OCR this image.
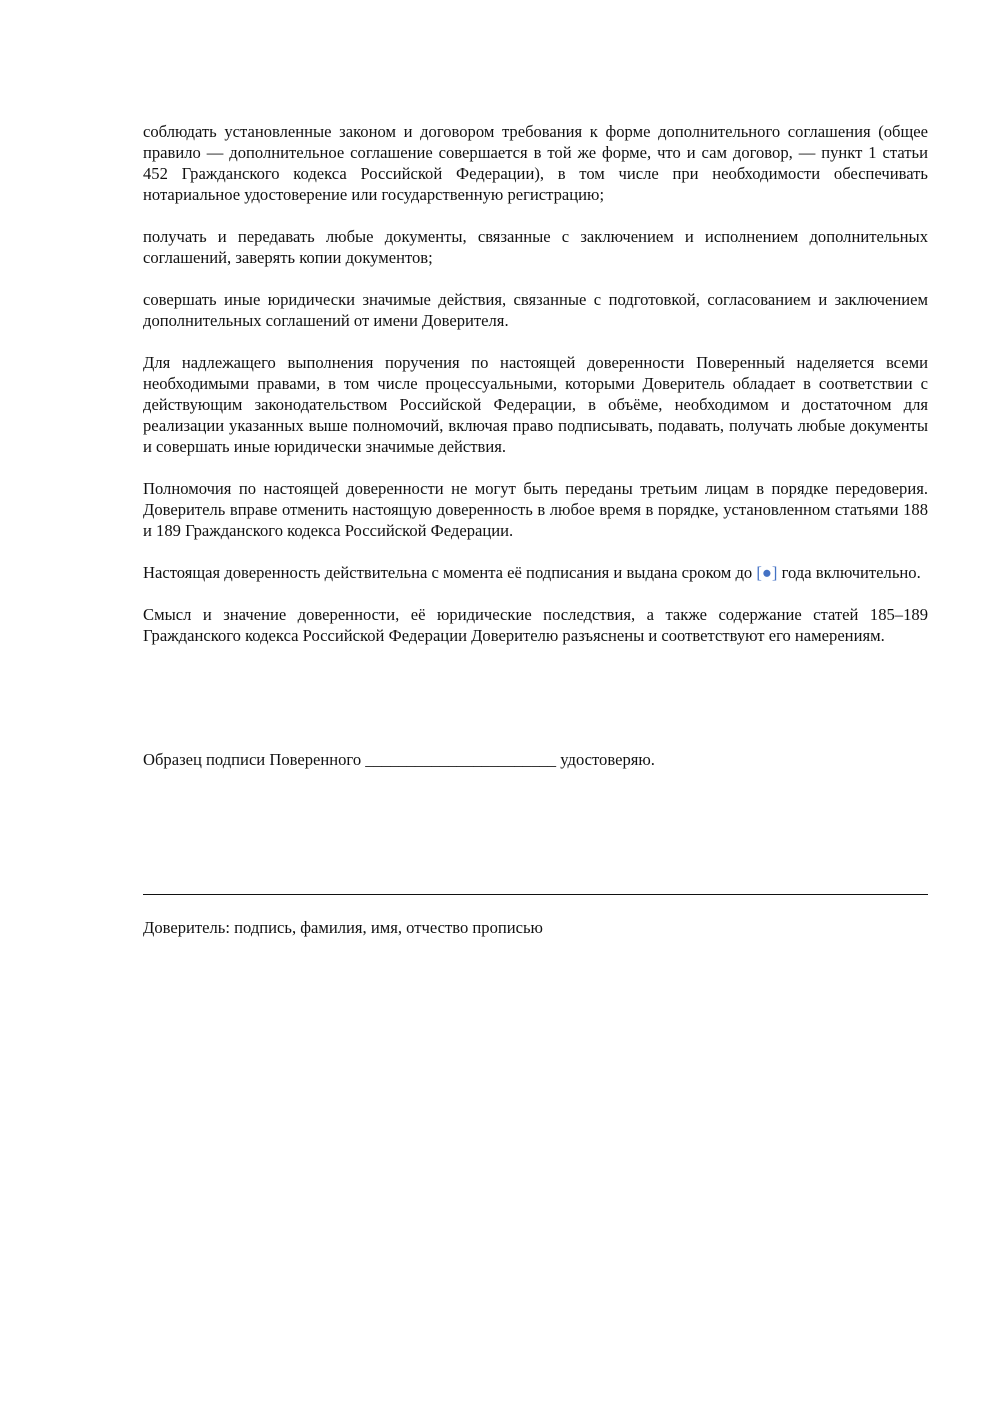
соблюдать установленные законом и договором требования к форме дополнительного соглашения (общее правило — дополнительное соглашение совершается в той же форме, что и сам договор, — пункт 1 статьи 452 Гражданского кодекса Российской Федерации), в том числе при необходимости обеспечивать нотариальное удостоверение или государственную регистрацию;

получать и передавать любые документы, связанные с заключением и исполнением дополнительных соглашений, заверять копии документов;

совершать иные юридически значимые действия, связанные с подготовкой, согласованием и заключением дополнительных соглашений от имени Доверителя.

Для надлежащего выполнения поручения по настоящей доверенности Поверенный наделяется всеми необходимыми правами, в том числе процессуальными, которыми Доверитель обладает в соответствии с действующим законодательством Российской Федерации, в объёме, необходимом и достаточном для реализации указанных выше полномочий, включая право подписывать, подавать, получать любые документы и совершать иные юридически значимые действия.

Полномочия по настоящей доверенности не могут быть переданы третьим лицам в порядке передоверия. Доверитель вправе отменить настоящую доверенность в любое время в порядке, установленном статьями 188 и 189 Гражданского кодекса Российской Федерации.

Настоящая доверенность действительна с момента её подписания и выдана сроком до [●] года включительно.

Смысл и значение доверенности, её юридические последствия, а также содержание статей 185–189 Гражданского кодекса Российской Федерации Доверителю разъяснены и соответствуют его намерениям.

Образец подписи Поверенного _______________________ удостоверяю.
Доверитель: подпись, фамилия, имя, отчество прописью
